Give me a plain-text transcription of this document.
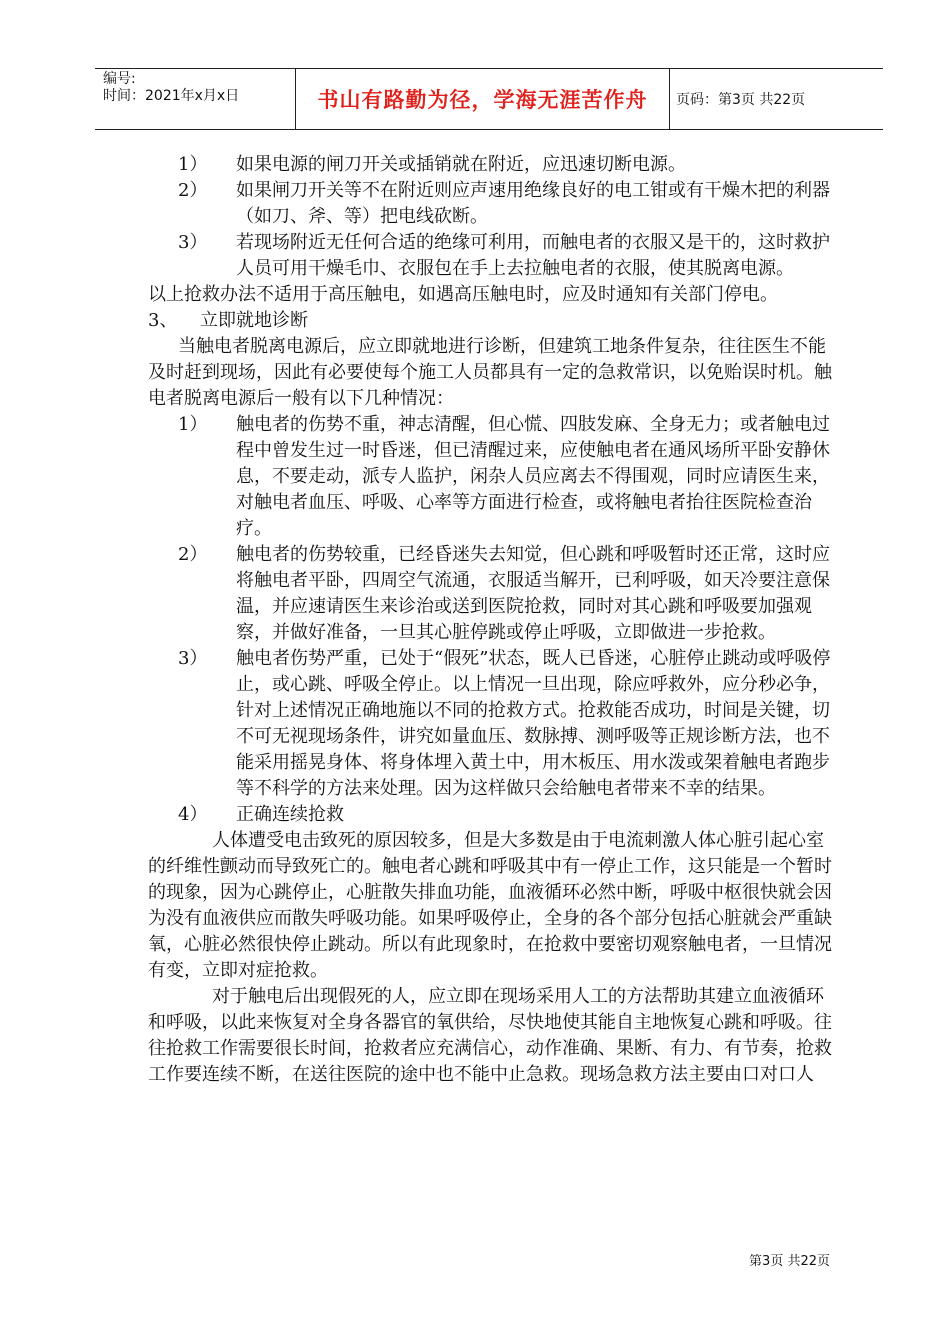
编号:
时间：2021年x月x日	书山有路勤为径，学海无涯苦作舟 页码：第3页 共22页

1） 如果电源的闸刀开关或插销就在附近，应迅速切断电源。

2） 如果闸刀开关等不在附近则应声速用绝缘良好的电工钳或有干燥木把的利器（如刀、斧、等）把电线砍断。

3） 若现场附近无任何合适的绝缘可利用，而触电者的衣服又是干的，这时救护人员可用干燥毛巾、衣服包在手上去拉触电者的衣服，使其脱离电源。

以上抢救办法不适用于高压触电，如遇高压触电时，应及时通知有关部门停电。

3、 立即就地诊断

当触电者脱离电源后，应立即就地进行诊断，但建筑工地条件复杂，往往医生不能及时赶到现场，因此有必要使每个施工人员都具有一定的急救常识，以免贻误时机。触电者脱离电源后一般有以下几种情况：

1） 触电者的伤势不重，神志清醒，但心慌、四肢发麻、全身无力；或者触电过程中曾发生过一时昏迷，但已清醒过来，应使触电者在通风场所平卧安静休息，不要走动，派专人监护，闲杂人员应离去不得围观，同时应请医生来，对触电者血压、呼吸、心率等方面进行检查，或将触电者抬往医院检查治疗。

2） 触电者的伤势较重，已经昏迷失去知觉，但心跳和呼吸暂时还正常，这时应将触电者平卧，四周空气流通，衣服适当解开，已利呼吸，如天冷要注意保温，并应速请医生来诊治或送到医院抢救，同时对其心跳和呼吸要加强观察，并做好准备，一旦其心脏停跳或停止呼吸，立即做进一步抢救。

3） 触电者伤势严重，已处于“假死”状态，既人已昏迷，心脏停止跳动或呼吸停止，或心跳、呼吸全停止。以上情况一旦出现，除应呼救外，应分秒必争，针对上述情况正确地施以不同的抢救方式。抢救能否成功，时间是关键，切不可无视现场条件，讲究如量血压、数脉搏、测呼吸等正规诊断方法，也不能采用摇晃身体、将身体埋入黄土中，用木板压、用水泼或架着触电者跑步等不科学的方法来处理。因为这样做只会给触电者带来不幸的结果。

4） 正确连续抢救

人体遭受电击致死的原因较多，但是大多数是由于电流刺激人体心脏引起心室的纤维性颤动而导致死亡的。触电者心跳和呼吸其中有一停止工作，这只能是一个暂时的现象，因为心跳停止，心脏散失排血功能，血液循环必然中断，呼吸中枢很快就会因为没有血液供应而散失呼吸功能。如果呼吸停止，全身的各个部分包括心脏就会严重缺氧，心脏必然很快停止跳动。所以有此现象时，在抢救中要密切观察触电者，一旦情况有变，立即对症抢救。

对于触电后出现假死的人，应立即在现场采用人工的方法帮助其建立血液循环和呼吸，以此来恢复对全身各器官的氧供给，尽快地使其能自主地恢复心跳和呼吸。往往抢救工作需要很长时间，抢救者应充满信心，动作准确、果断、有力、有节奏，抢救工作要连续不断，在送往医院的途中也不能中止急救。现场急救方法主要由口对口人

第3页 共22页
